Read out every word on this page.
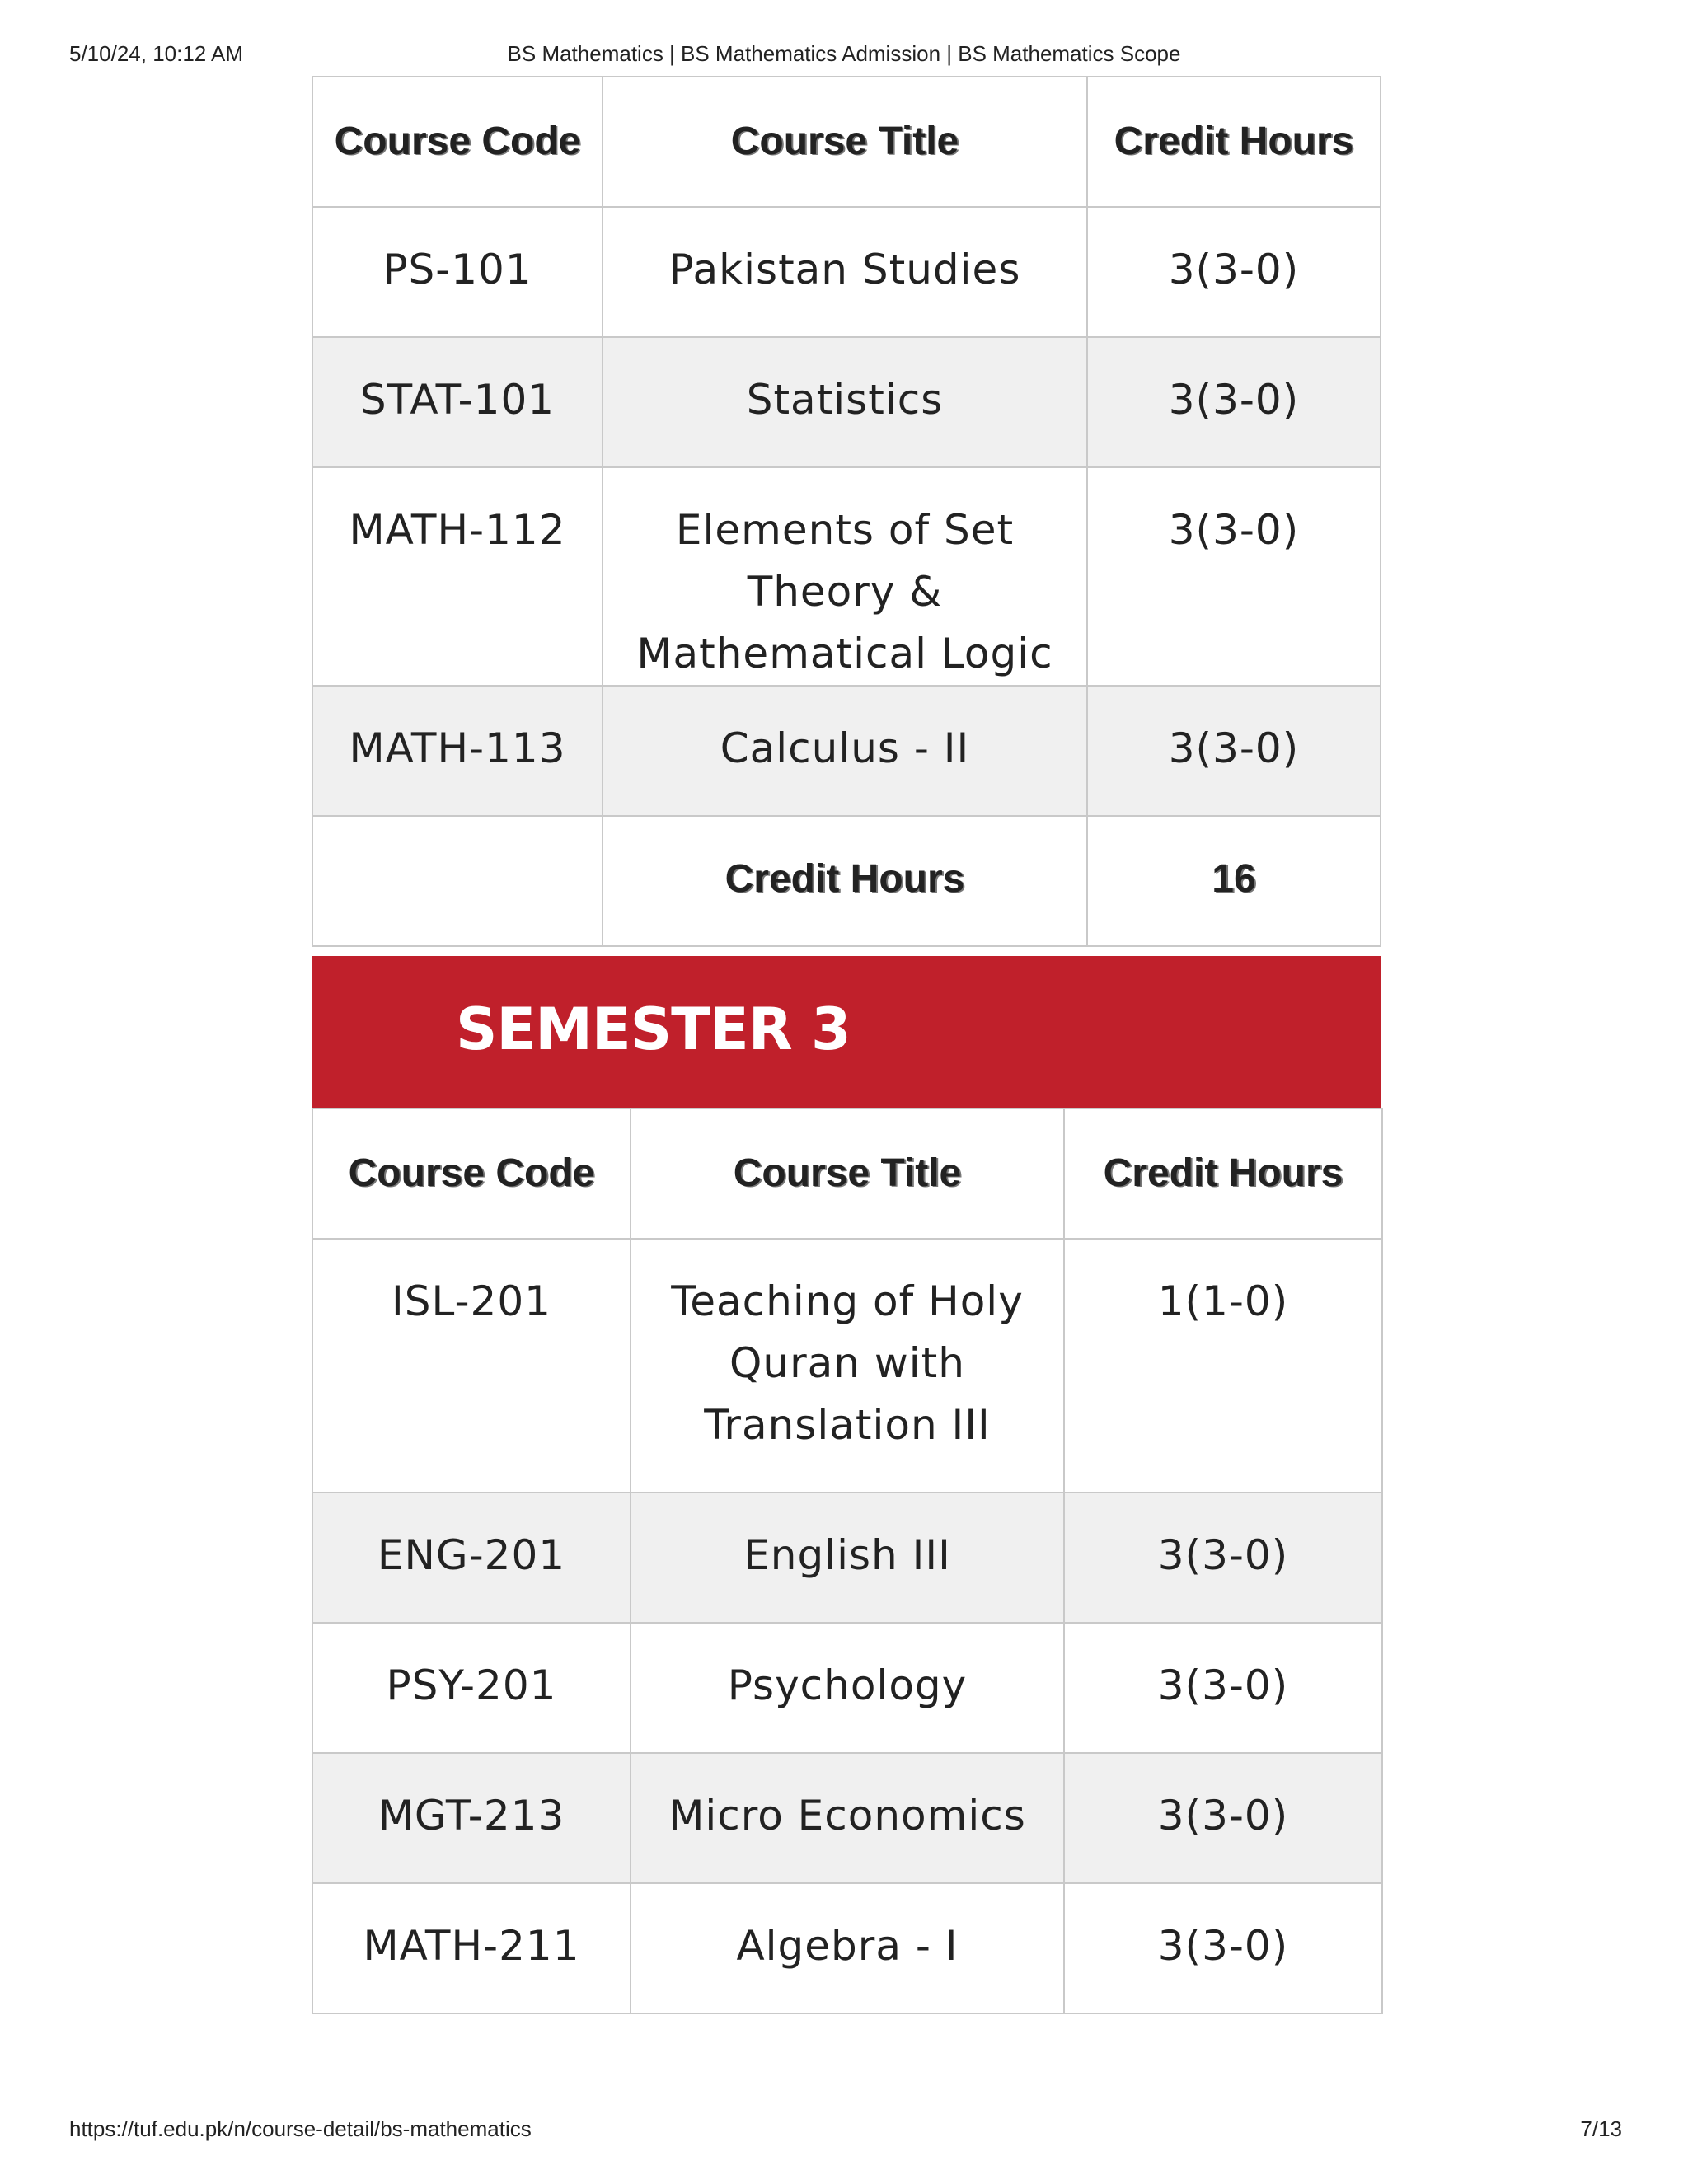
5/10/24, 10:12 AM	BS Mathematics | BS Mathematics Admission | BS Mathematics Scope
Course Code	Course Title	Credit Hours
PS-101	Pakistan Studies	3(3-0)
STAT-101	Statistics	3(3-0)
MATH-112	Elements of Set Theory & Mathematical Logic	3(3-0)
MATH-113	Calculus - II	3(3-0)
	Credit Hours	16
SEMESTER 3
Course Code	Course Title	Credit Hours
ISL-201	Teaching of Holy Quran with Translation III	1(1-0)
ENG-201	English III	3(3-0)
PSY-201	Psychology	3(3-0)
MGT-213	Micro Economics	3(3-0)
MATH-211	Algebra - I	3(3-0)
https://tuf.edu.pk/n/course-detail/bs-mathematics	7/13
